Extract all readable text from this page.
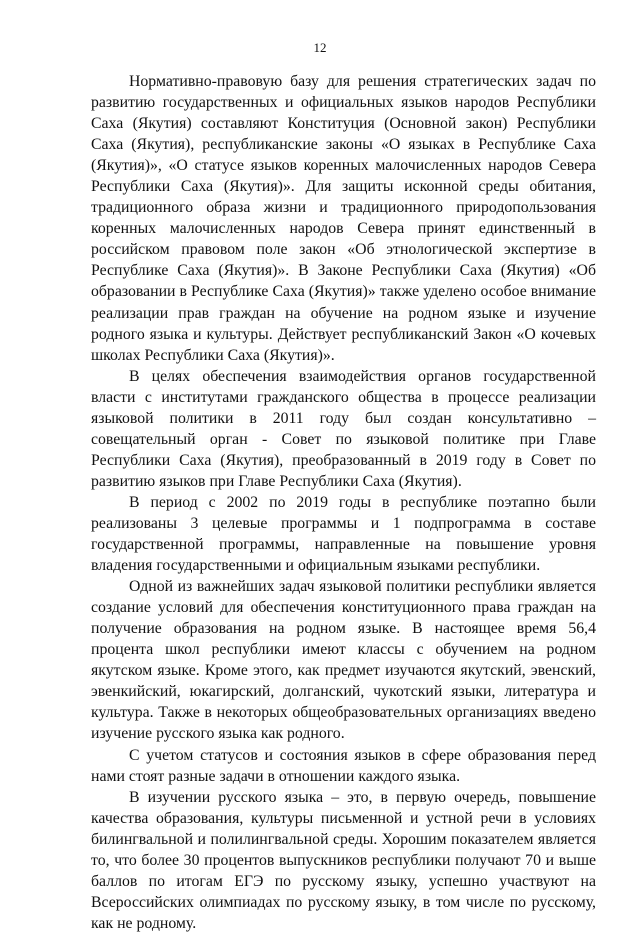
12

Нормативно-правовую базу для решения стратегических задач по развитию государственных и официальных языков народов Республики Саха (Якутия) составляют Конституция (Основной закон) Республики Саха (Якутия), республиканские законы «О языках в Республике Саха (Якутия)», «О статусе языков коренных малочисленных народов Севера Республики Саха (Якутия)». Для защиты исконной среды обитания, традиционного образа жизни и традиционного природопользования коренных малочисленных народов Севера принят единственный в российском правовом поле закон «Об этнологической экспертизе в Республике Саха (Якутия)». В Законе Республики Саха (Якутия) «Об образовании в Республике Саха (Якутия)» также уделено особое внимание реализации прав граждан на обучение на родном языке и изучение родного языка и культуры. Действует республиканский Закон «О кочевых школах Республики Саха (Якутия)».

В целях обеспечения взаимодействия органов государственной власти с институтами гражданского общества в процессе реализации языковой политики в 2011 году был создан консультативно – совещательный орган - Совет по языковой политике при Главе Республики Саха (Якутия), преобразованный в 2019 году в Совет по развитию языков при Главе Республики Саха (Якутия).

В период с 2002 по 2019 годы в республике поэтапно были реализованы 3 целевые программы и 1 подпрограмма в составе государственной программы, направленные на повышение уровня владения государственными и официальным языками республики.

Одной из важнейших задач языковой политики республики является создание условий для обеспечения конституционного права граждан на получение образования на родном языке. В настоящее время 56,4 процента школ республики имеют классы с обучением на родном якутском языке. Кроме этого, как предмет изучаются якутский, эвенский, эвенкийский, юкагирский, долганский, чукотский языки, литература и культура. Также в некоторых общеобразовательных организациях введено изучение русского языка как родного.

С учетом статусов и состояния языков в сфере образования перед нами стоят разные задачи в отношении каждого языка.

В изучении русского языка – это, в первую очередь, повышение качества образования, культуры письменной и устной речи в условиях билингвальной и полилингвальной среды. Хорошим показателем является то, что более 30 процентов выпускников республики получают 70 и выше баллов по итогам ЕГЭ по русскому языку, успешно участвуют на Всероссийских олимпиадах по русскому языку, в том числе по русскому, как не родному.
